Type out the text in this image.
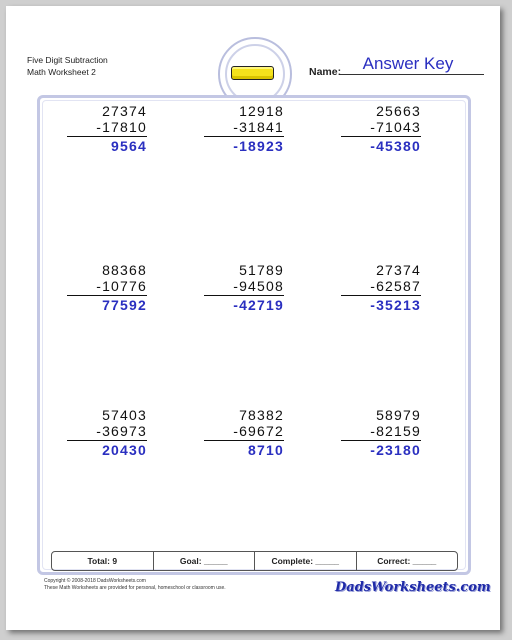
Five Digit Subtraction
Math Worksheet 2	Name:	Answer Key
27374
-17810
9564
12918
-31841
-18923
25663
-71043
-45380
88368
-10776
77592
51789
-94508
-42719
27374
-62587
-35213
57403
-36973
20430
78382
-69672
8710
58979
-82159
-23180
Total: 9	Goal: _____	Complete: _____	Correct: _____
Copyright © 2008-2018 DadsWorksheets.com
These Math Worksheets are provided for personal, homeschool or classroom use.	DadsWorksheets.com
